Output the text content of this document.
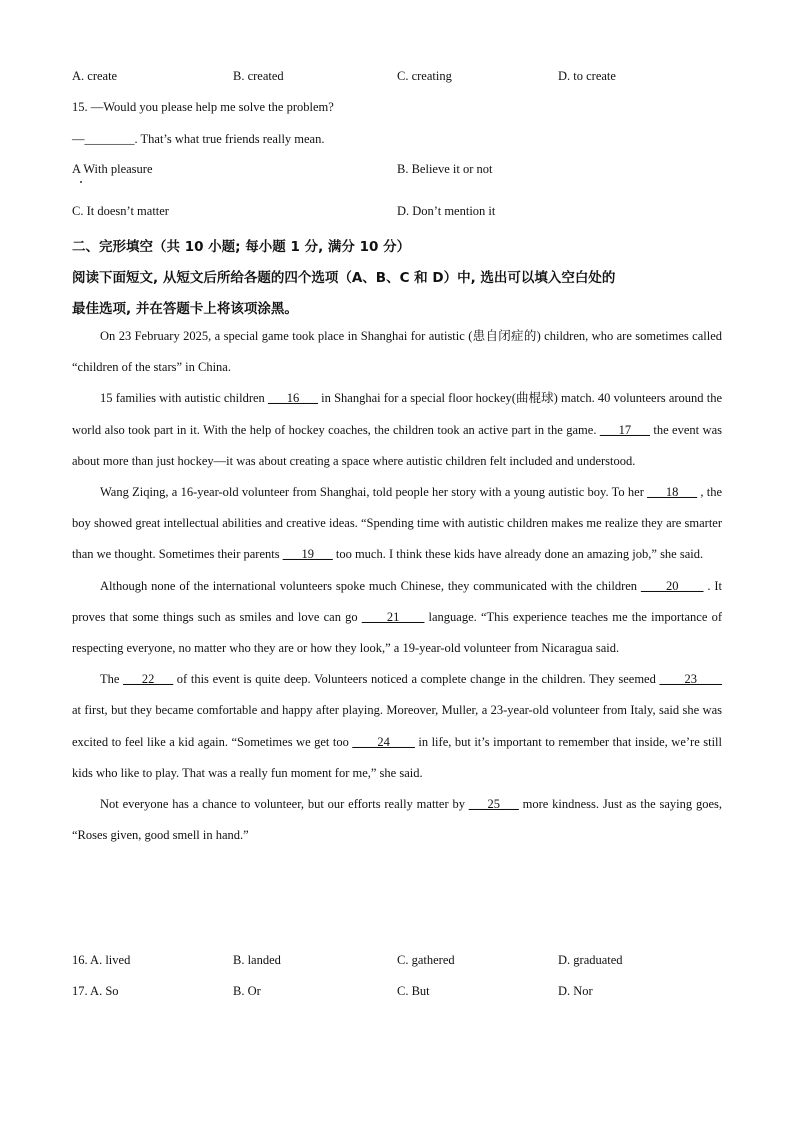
A. create	B. created	C. creating	D. to create
15. —Would you please help me solve the problem?
—________. That’s what true friends really mean.
A With pleasure	B. Believe it or not
C. It doesn’t matter	D. Don’t mention it
二、完形填空（共 10 小题; 每小题 1 分, 满分 10 分）
阅读下面短文, 从短文后所给各题的四个选项（A、B、C 和 D）中, 选出可以填入空白处的
最佳选项, 并在答题卡上将该项涂黑。

On 23 February 2025, a special game took place in Shanghai for autistic (患自闭症的) children, who are sometimes called “children of the stars” in China.

15 families with autistic children ___16___ in Shanghai for a special floor hockey(曲棍球) match. 40 volunteers around the world also took part in it. With the help of hockey coaches, the children took an active part in the game. ___17___ the event was about more than just hockey—it was about creating a space where autistic children felt included and understood.

Wang Ziqing, a 16-year-old volunteer from Shanghai, told people her story with a young autistic boy. To her ___18___ , the boy showed great intellectual abilities and creative ideas. “Spending time with autistic children makes me realize they are smarter than we thought. Sometimes their parents ___19___ too much. I think these kids have already done an amazing job,” she said.

Although none of the international volunteers spoke much Chinese, they communicated with the children ____20____ . It proves that some things such as smiles and love can go ____21____ language. “This experience teaches me the importance of respecting everyone, no matter who they are or how they look,” a 19-year-old volunteer from Nicaragua said.

The ___22___ of this event is quite deep. Volunteers noticed a complete change in the children. They seemed ____23____ at first, but they became comfortable and happy after playing. Moreover, Muller, a 23-year-old volunteer from Italy, said she was excited to feel like a kid again. “Sometimes we get too ____24____ in life, but it’s important to remember that inside, we’re still kids who like to play. That was a really fun moment for me,” she said.

Not everyone has a chance to volunteer, but our efforts really matter by ___25___ more kindness. Just as the saying goes, “Roses given, good smell in hand.”

16. A. lived	B. landed	C. gathered	D. graduated
17. A. So	B. Or	C. But	D. Nor
